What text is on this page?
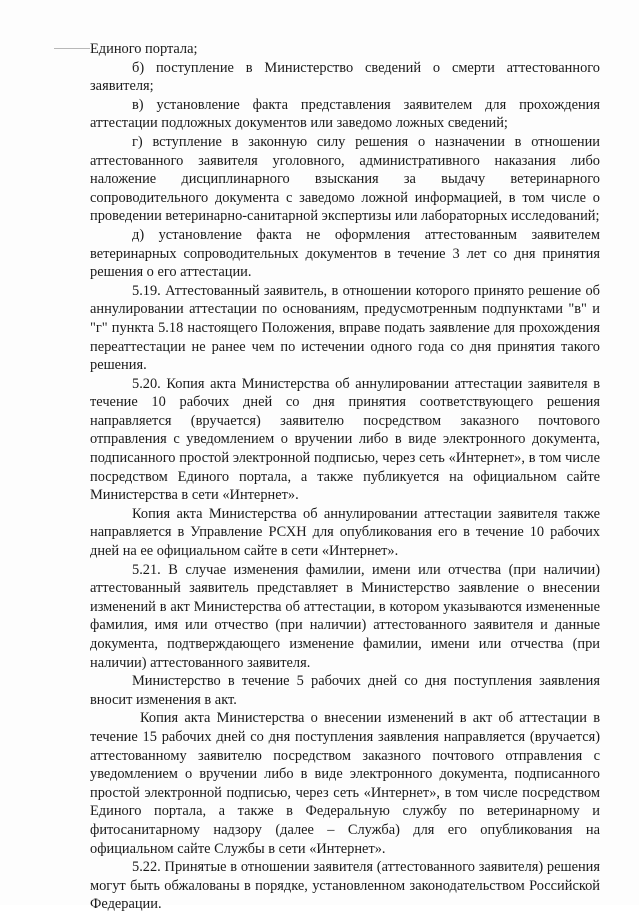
Единого портала;

б) поступление в Министерство сведений о смерти аттестованного заявителя;

в) установление факта представления заявителем для прохождения аттестации подложных документов или заведомо ложных сведений;

г) вступление в законную силу решения о назначении в отношении аттестованного заявителя уголовного, административного наказания либо наложение дисциплинарного взыскания за выдачу ветеринарного сопроводительного документа с заведомо ложной информацией, в том числе о проведении ветеринарно-санитарной экспертизы или лабораторных исследований;

д) установление факта не оформления аттестованным заявителем ветеринарных сопроводительных документов в течение 3 лет со дня принятия решения о его аттестации.

5.19. Аттестованный заявитель, в отношении которого принято решение об аннулировании аттестации по основаниям, предусмотренным подпунктами "в" и "г" пункта 5.18 настоящего Положения, вправе подать заявление для прохождения переаттестации не ранее чем по истечении одного года со дня принятия такого решения.

5.20. Копия акта Министерства об аннулировании аттестации заявителя в течение 10 рабочих дней со дня принятия соответствующего решения направляется (вручается) заявителю посредством заказного почтового отправления с уведомлением о вручении либо в виде электронного документа, подписанного простой электронной подписью, через сеть «Интернет», в том числе посредством Единого портала, а также публикуется на официальном сайте Министерства в сети «Интернет».

Копия акта Министерства об аннулировании аттестации заявителя также направляется в Управление РСХН для опубликования его в течение 10 рабочих дней на ее официальном сайте в сети «Интернет».

5.21. В случае изменения фамилии, имени или отчества (при наличии) аттестованный заявитель представляет в Министерство заявление о внесении изменений в акт Министерства об аттестации, в котором указываются измененные фамилия, имя или отчество (при наличии) аттестованного заявителя и данные документа, подтверждающего изменение фамилии, имени или отчества (при наличии) аттестованного заявителя.

Министерство в течение 5 рабочих дней со дня поступления заявления вносит изменения в акт.

Копия акта Министерства о внесении изменений в акт об аттестации в течение 15 рабочих дней со дня поступления заявления направляется (вручается) аттестованному заявителю посредством заказного почтового отправления с уведомлением о вручении либо в виде электронного документа, подписанного простой электронной подписью, через сеть «Интернет», в том числе посредством Единого портала, а также в Федеральную службу по ветеринарному и фитосанитарному надзору (далее – Служба) для его опубликования на официальном сайте Службы в сети «Интернет».

5.22. Принятые в отношении заявителя (аттестованного заявителя) решения могут быть обжалованы в порядке, установленном законодательством Российской Федерации.
